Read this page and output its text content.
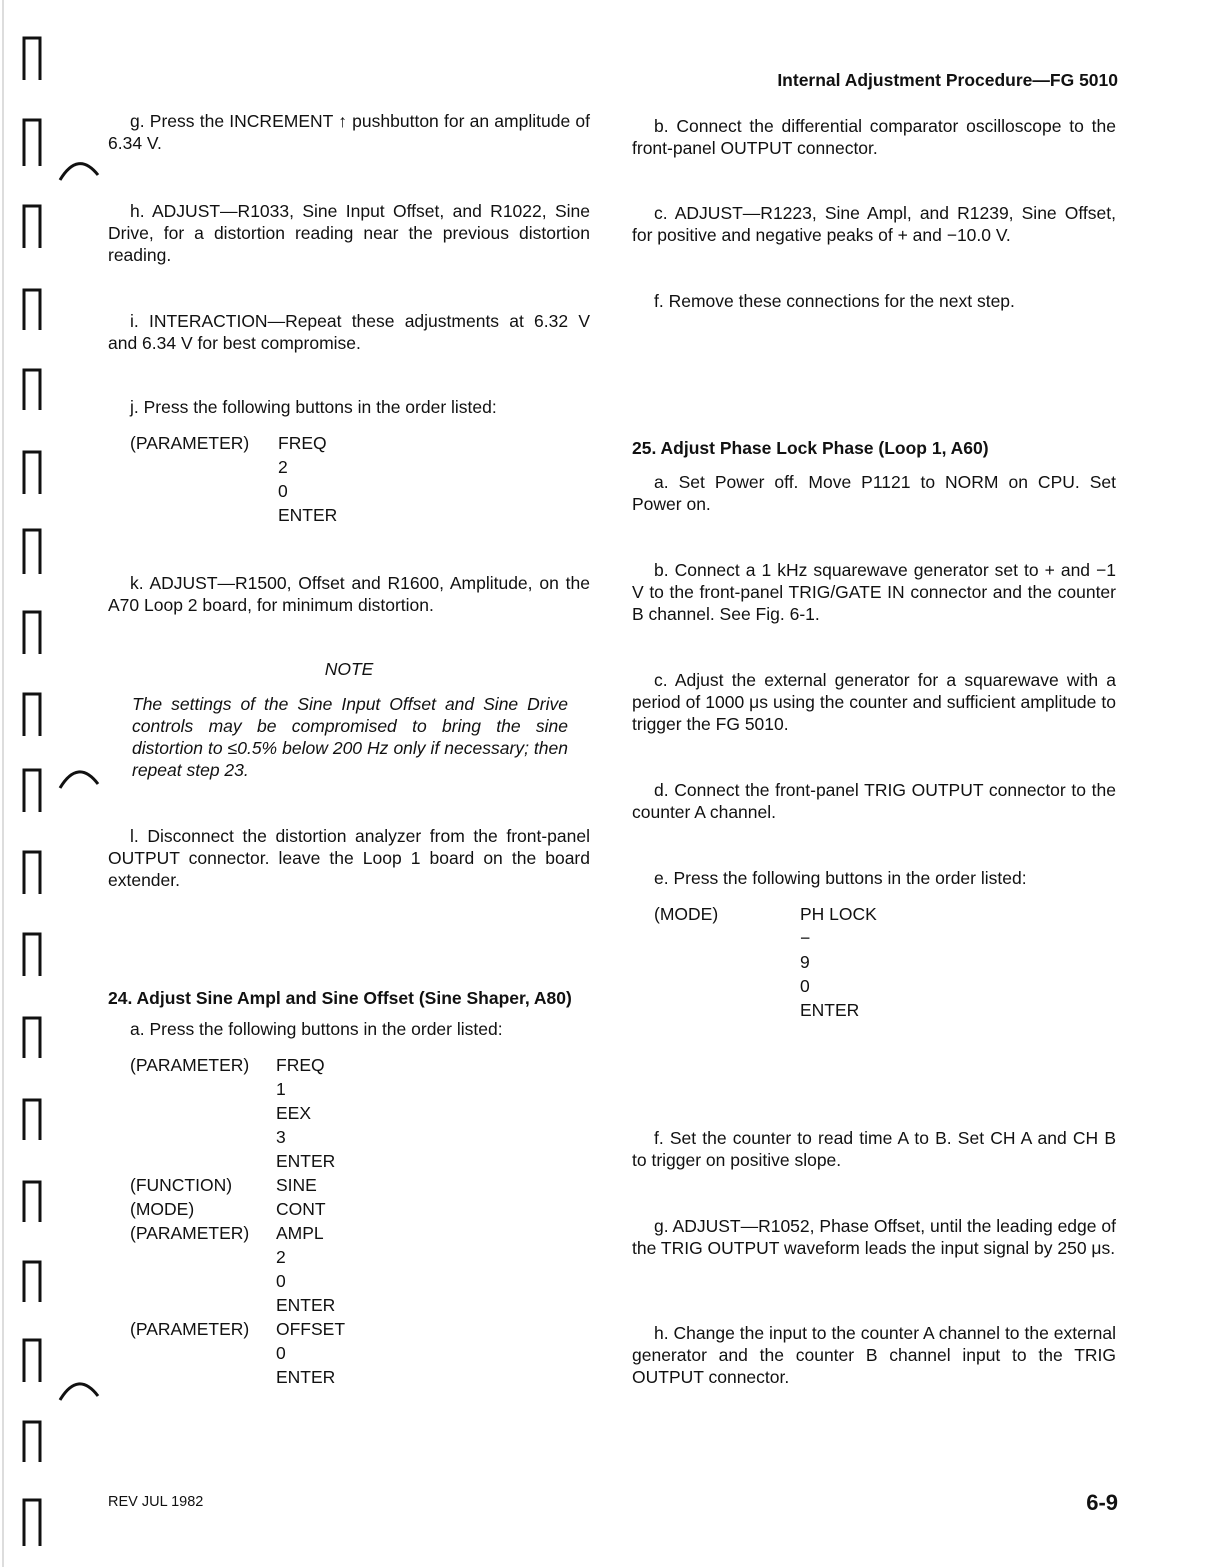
Internal Adjustment Procedure—FG 5010

g. Press the INCREMENT ↑ pushbutton for an amplitude of 6.34 V.

h. ADJUST—R1033, Sine Input Offset, and R1022, Sine Drive, for a distortion reading near the previous distortion reading.

i. INTERACTION—Repeat these adjustments at 6.32 V and 6.34 V for best compromise.

j. Press the following buttons in the order listed:

(PARAMETER) FREQ
2
0
ENTER

k. ADJUST—R1500, Offset and R1600, Amplitude, on the A70 Loop 2 board, for minimum distortion.

NOTE
The settings of the Sine Input Offset and Sine Drive controls may be compromised to bring the sine distortion to ≤0.5% below 200 Hz only if necessary; then repeat step 23.

l. Disconnect the distortion analyzer from the front-panel OUTPUT connector. leave the Loop 1 board on the board extender.

24. Adjust Sine Ampl and Sine Offset (Sine Shaper, A80)

a. Press the following buttons in the order listed:

(PARAMETER) FREQ
1
EEX
3
ENTER
(FUNCTION)	SINE
(MODE)	CONT
(PARAMETER) AMPL
2
0
ENTER
(PARAMETER) OFFSET
0
ENTER

b. Connect the differential comparator oscilloscope to the front-panel OUTPUT connector.

c. ADJUST—R1223, Sine Ampl, and R1239, Sine Offset, for positive and negative peaks of + and −10.0 V.

f. Remove these connections for the next step.

25. Adjust Phase Lock Phase (Loop 1, A60)

a. Set Power off. Move P1121 to NORM on CPU. Set Power on.

b. Connect a 1 kHz squarewave generator set to + and −1 V to the front-panel TRIG/GATE IN connector and the counter B channel. See Fig. 6-1.

c. Adjust the external generator for a squarewave with a period of 1000 μs using the counter and sufficient amplitude to trigger the FG 5010.

d. Connect the front-panel TRIG OUTPUT connector to the counter A channel.

e. Press the following buttons in the order listed:

(MODE)	PH LOCK
−
9
0
ENTER

f. Set the counter to read time A to B. Set CH A and CH B to trigger on positive slope.

g. ADJUST—R1052, Phase Offset, until the leading edge of the TRIG OUTPUT waveform leads the input signal by 250 μs.

h. Change the input to the counter A channel to the external generator and the counter B channel input to the TRIG OUTPUT connector.

REV JUL 1982	6-9
